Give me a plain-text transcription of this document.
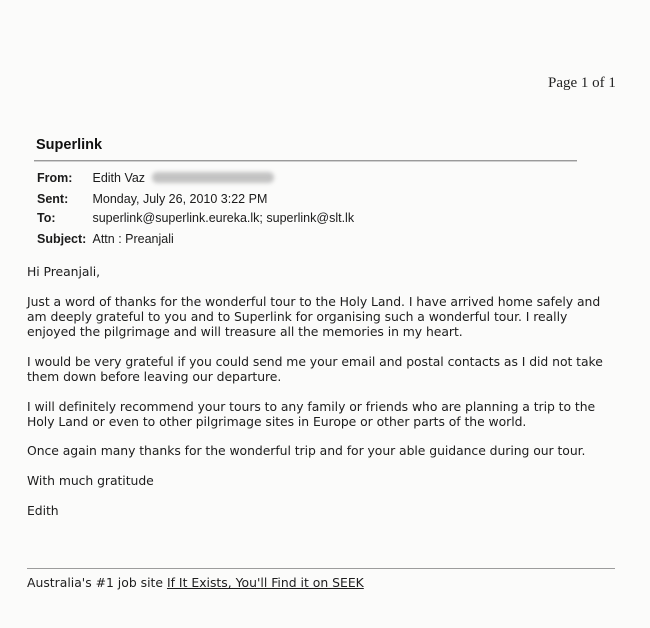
Page 1 of 1
Superlink
From: Edith Vaz
Sent: Monday, July 26, 2010 3:22 PM
To:	superlink@superlink.eureka.lk; superlink@slt.lk
Subject: Attn : Preanjali
Hi Preanjali,
Just a word of thanks for the wonderful tour to the Holy Land. I have arrived home safely and
am deeply grateful to you and to Superlink for organising such a wonderful tour. I really
enjoyed the pilgrimage and will treasure all the memories in my heart.
I would be very grateful if you could send me your email and postal contacts as I did not take
them down before leaving our departure.
I will definitely recommend your tours to any family or friends who are planning a trip to the
Holy Land or even to other pilgrimage sites in Europe or other parts of the world.
Once again many thanks for the wonderful trip and for your able guidance during our tour.
With much gratitude
Edith
Australia's #1 job site If It Exists, You'll Find it on SEEK
